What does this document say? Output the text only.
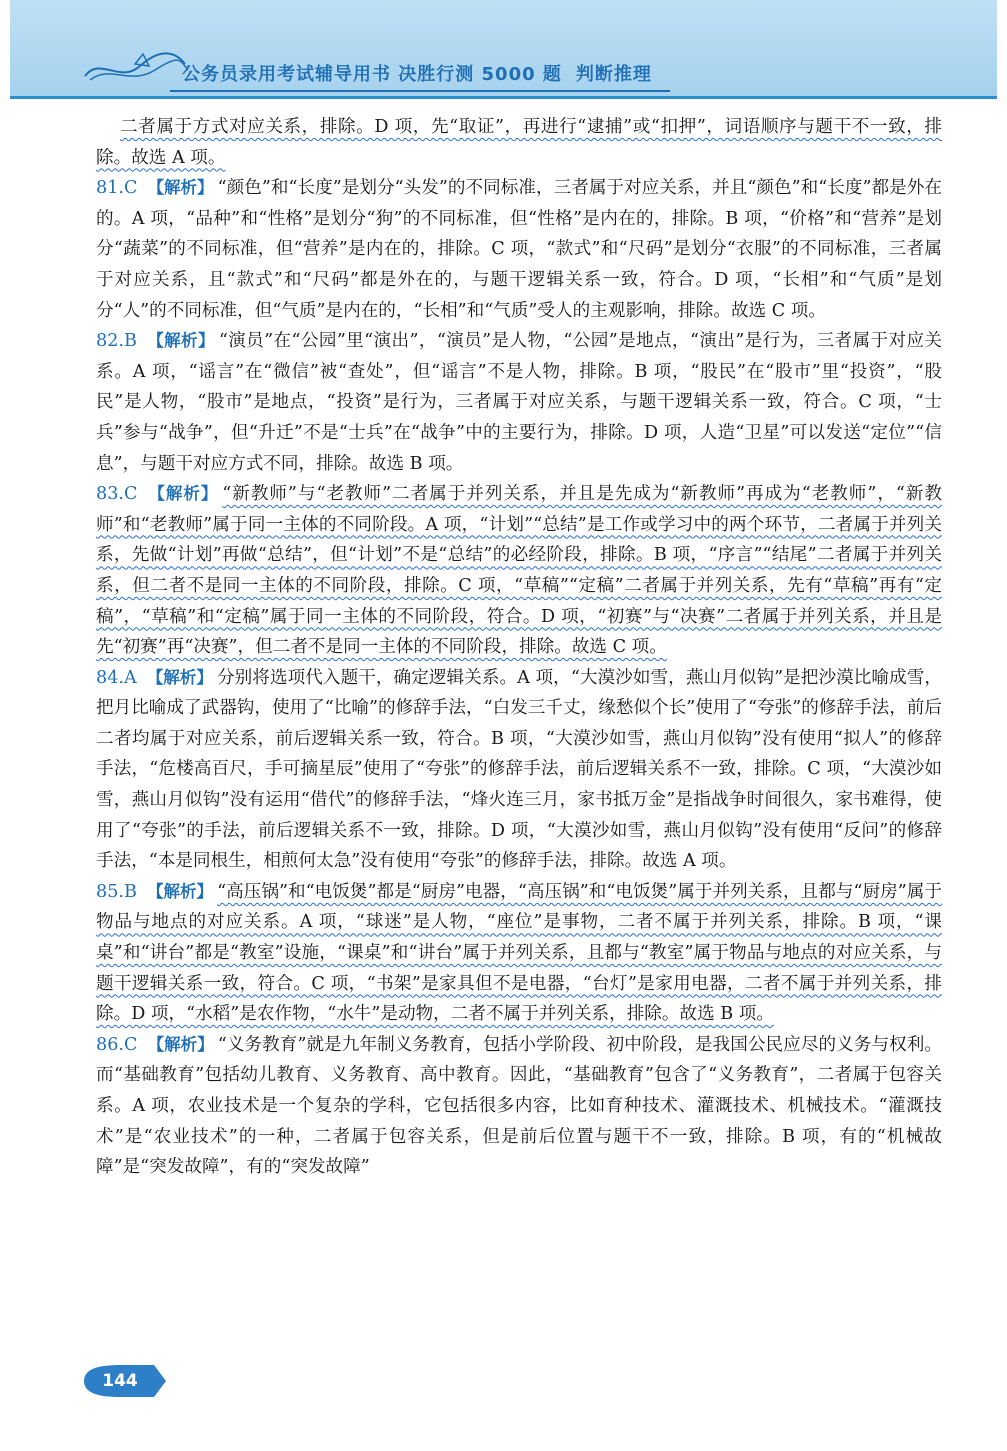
公务员录用考试辅导用书 决胜行测 5000 题 判断推理

二者属于方式对应关系，排除。D 项，先“取证”，再进行“逮捕”或“扣押”，词语顺序与题干不一致，排除。故选 A 项。

81.C 【解析】 “颜色”和“长度”是划分“头发”的不同标准，三者属于对应关系，并且“颜色”和“长度”都是外在的。A 项，“品种”和“性格”是划分“狗”的不同标准，但“性格”是内在的，排除。B 项，“价格”和“营养”是划分“蔬菜”的不同标准，但“营养”是内在的，排除。C 项，“款式”和“尺码”是划分“衣服”的不同标准，三者属于对应关系，且“款式”和“尺码”都是外在的，与题干逻辑关系一致，符合。D 项，“长相”和“气质”是划分“人”的不同标准，但“气质”是内在的，“长相”和“气质”受人的主观影响，排除。故选 C 项。

82.B 【解析】 “演员”在“公园”里“演出”，“演员”是人物，“公园”是地点，“演出”是行为，三者属于对应关系。A 项，“谣言”在“微信”被“查处”，但“谣言”不是人物，排除。B 项，“股民”在“股市”里“投资”，“股民”是人物，“股市”是地点，“投资”是行为，三者属于对应关系，与题干逻辑关系一致，符合。C 项，“士兵”参与“战争”，但“升迁”不是“士兵”在“战争”中的主要行为，排除。D 项，人造“卫星”可以发送“定位”“信息”，与题干对应方式不同，排除。故选 B 项。

83.C 【解析】 “新教师”与“老教师”二者属于并列关系，并且是先成为“新教师”再成为“老教师”，“新教师”和“老教师”属于同一主体的不同阶段。A 项，“计划”“总结”是工作或学习中的两个环节，二者属于并列关系，先做“计划”再做“总结”，但“计划”不是“总结”的必经阶段，排除。B 项，“序言”“结尾”二者属于并列关系，但二者不是同一主体的不同阶段，排除。C 项，“草稿”“定稿”二者属于并列关系，先有“草稿”再有“定稿”，“草稿”和“定稿”属于同一主体的不同阶段，符合。D 项，“初赛”与“决赛”二者属于并列关系，并且是先“初赛”再“决赛”，但二者不是同一主体的不同阶段，排除。故选 C 项。

84.A 【解析】 分别将选项代入题干，确定逻辑关系。A 项，“大漠沙如雪，燕山月似钩”是把沙漠比喻成雪，把月比喻成了武器钩，使用了“比喻”的修辞手法，“白发三千丈，缘愁似个长”使用了“夸张”的修辞手法，前后二者均属于对应关系，前后逻辑关系一致，符合。B 项，“大漠沙如雪，燕山月似钩”没有使用“拟人”的修辞手法，“危楼高百尺，手可摘星辰”使用了“夸张”的修辞手法，前后逻辑关系不一致，排除。C 项，“大漠沙如雪，燕山月似钩”没有运用“借代”的修辞手法，“烽火连三月，家书抵万金”是指战争时间很久，家书难得，使用了“夸张”的手法，前后逻辑关系不一致，排除。D 项，“大漠沙如雪，燕山月似钩”没有使用“反问”的修辞手法，“本是同根生，相煎何太急”没有使用“夸张”的修辞手法，排除。故选 A 项。

85.B 【解析】 “高压锅”和“电饭煲”都是“厨房”电器，“高压锅”和“电饭煲”属于并列关系，且都与“厨房”属于物品与地点的对应关系。A 项，“球迷”是人物，“座位”是事物，二者不属于并列关系，排除。B 项，“课桌”和“讲台”都是“教室”设施，“课桌”和“讲台”属于并列关系，且都与“教室”属于物品与地点的对应关系，与题干逻辑关系一致，符合。C 项，“书架”是家具但不是电器，“台灯”是家用电器，二者不属于并列关系，排除。D 项，“水稻”是农作物，“水牛”是动物，二者不属于并列关系，排除。故选 B 项。

86.C 【解析】 “义务教育”就是九年制义务教育，包括小学阶段、初中阶段，是我国公民应尽的义务与权利。而“基础教育”包括幼儿教育、义务教育、高中教育。因此，“基础教育”包含了“义务教育”，二者属于包容关系。A 项，农业技术是一个复杂的学科，它包括很多内容，比如育种技术、灌溉技术、机械技术。“灌溉技术”是“农业技术”的一种，二者属于包容关系，但是前后位置与题干不一致，排除。B 项，有的“机械故障”是“突发故障”，有的“突发故障”

144
